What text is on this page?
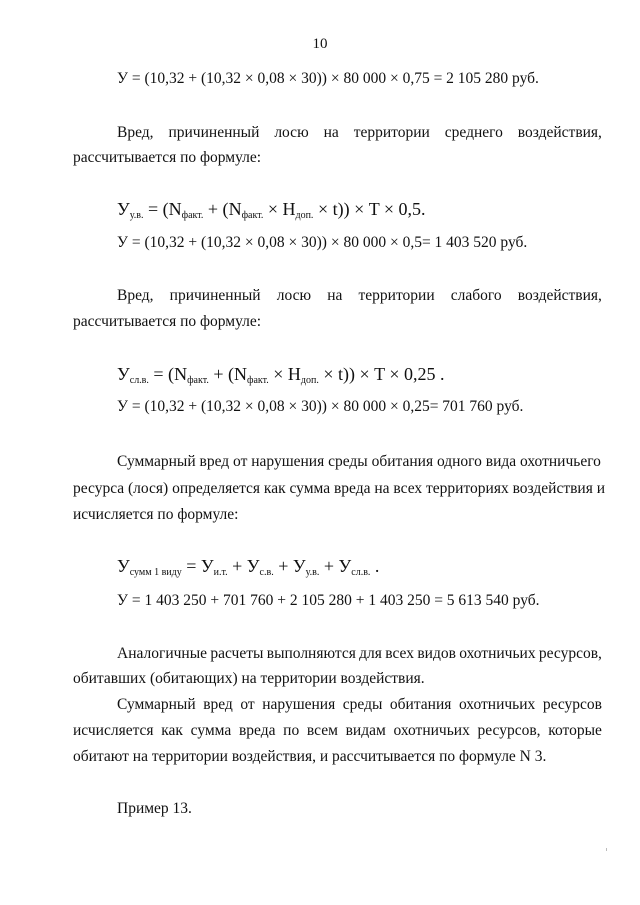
10
У = (10,32 + (10,32 × 0,08 × 30)) × 80 000 × 0,75 = 2 105 280 руб.
Вред, причиненный лосю на территории среднего воздействия,
рассчитывается по формуле:
Уу.в. = (Nфакт. + (Nфакт. × Hдоп. × t)) × T × 0,5.
У = (10,32 + (10,32 × 0,08 × 30)) × 80 000 × 0,5= 1 403 520 руб.
Вред, причиненный лосю на территории слабого воздействия,
рассчитывается по формуле:
Усл.в. = (Nфакт. + (Nфакт. × Hдоп. × t)) × T × 0,25 .
У = (10,32 + (10,32 × 0,08 × 30)) × 80 000 × 0,25= 701 760 руб.
Суммарный вред от нарушения среды обитания одного вида охотничьего
ресурса (лося) определяется как сумма вреда на всех территориях воздействия и
исчисляется по формуле:
Усумм 1 виду = Уи.т. + Ус.в. + Уу.в. + Усл.в. .
У = 1 403 250 + 701 760 + 2 105 280 + 1 403 250 = 5 613 540 руб.
Аналогичные расчеты выполняются для всех видов охотничьих ресурсов,
обитавших (обитающих) на территории воздействия.
Суммарный вред от нарушения среды обитания охотничьих ресурсов
исчисляется как сумма вреда по всем видам охотничьих ресурсов, которые
обитают на территории воздействия, и рассчитывается по формуле N 3.
Пример 13.
